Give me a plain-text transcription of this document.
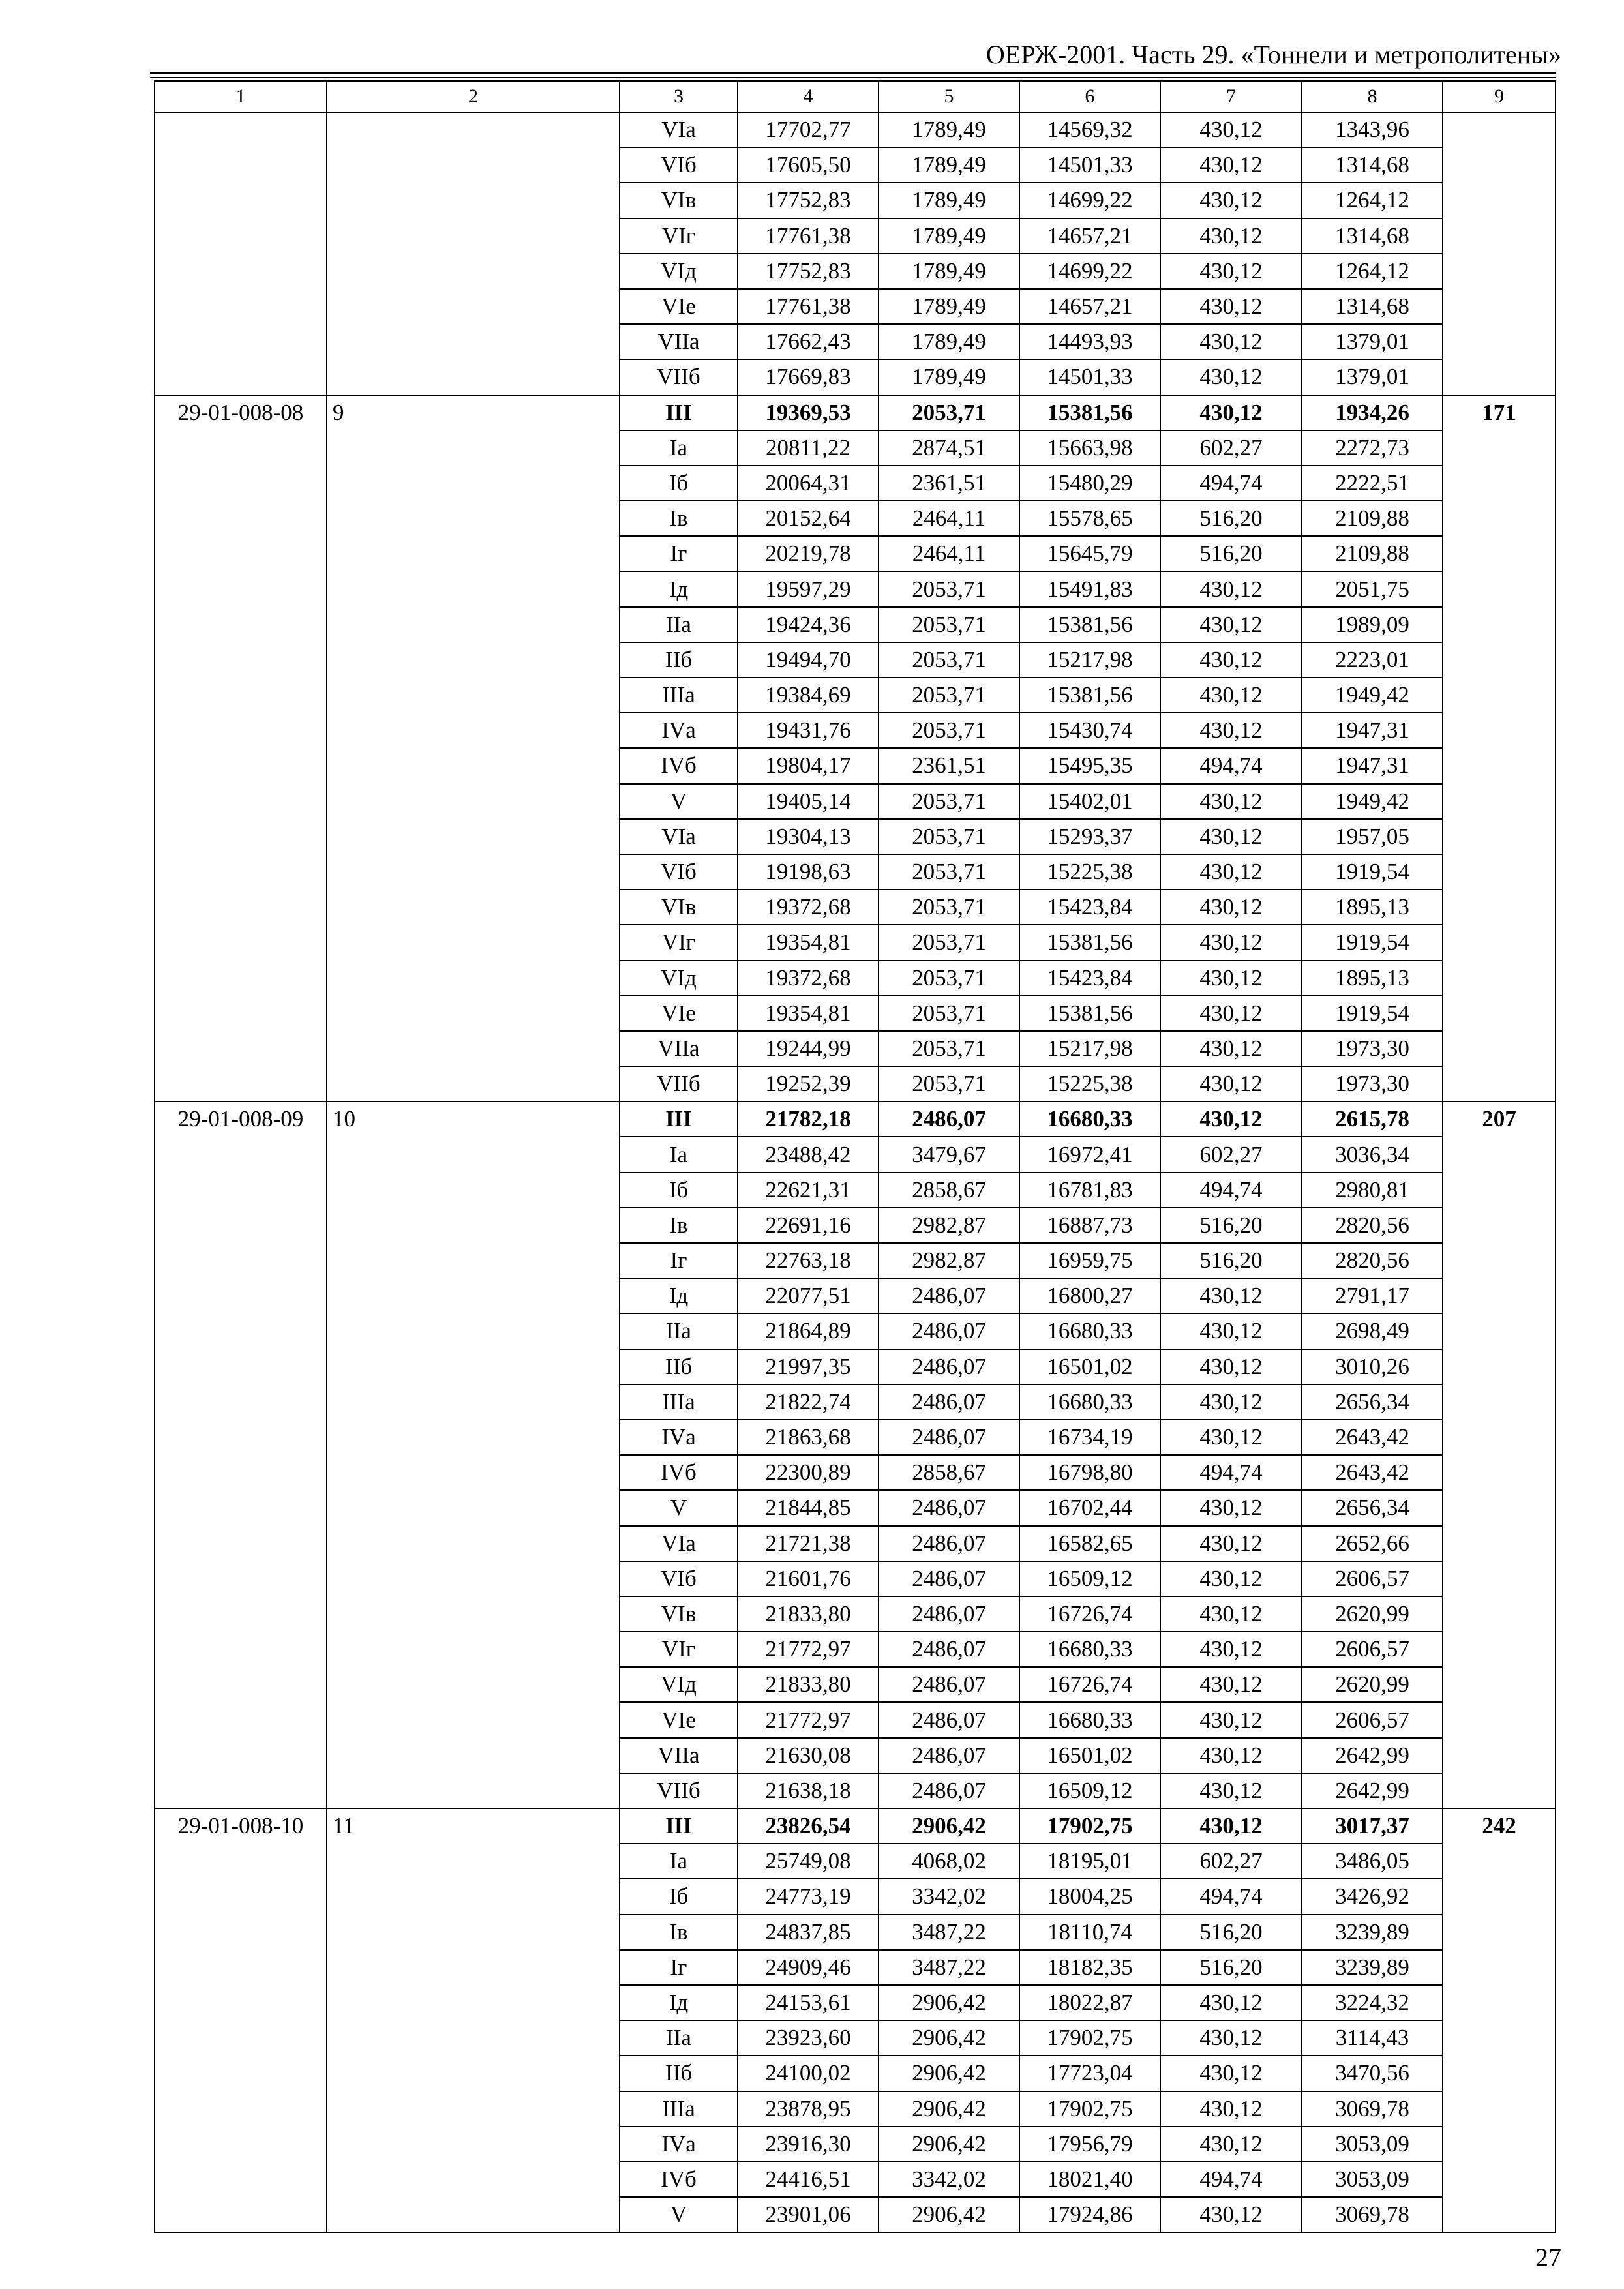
ОЕРЖ-2001. Часть 29. «Тоннели и метрополитены»
1	2	3	4	5	6	7	8	9
		VIа	17702,77	1789,49	14569,32	430,12	1343,96	
		VIб	17605,50	1789,49	14501,33	430,12	1314,68	
		VIв	17752,83	1789,49	14699,22	430,12	1264,12	
		VIг	17761,38	1789,49	14657,21	430,12	1314,68	
		VIд	17752,83	1789,49	14699,22	430,12	1264,12	
		VIе	17761,38	1789,49	14657,21	430,12	1314,68	
		VIIа	17662,43	1789,49	14493,93	430,12	1379,01	
		VIIб	17669,83	1789,49	14501,33	430,12	1379,01	
29-01-008-08	9	III	19369,53	2053,71	15381,56	430,12	1934,26	171
		Iа	20811,22	2874,51	15663,98	602,27	2272,73	
		Iб	20064,31	2361,51	15480,29	494,74	2222,51	
		Iв	20152,64	2464,11	15578,65	516,20	2109,88	
		Iг	20219,78	2464,11	15645,79	516,20	2109,88	
		Iд	19597,29	2053,71	15491,83	430,12	2051,75	
		IIа	19424,36	2053,71	15381,56	430,12	1989,09	
		IIб	19494,70	2053,71	15217,98	430,12	2223,01	
		IIIа	19384,69	2053,71	15381,56	430,12	1949,42	
		IVа	19431,76	2053,71	15430,74	430,12	1947,31	
		IVб	19804,17	2361,51	15495,35	494,74	1947,31	
		V	19405,14	2053,71	15402,01	430,12	1949,42	
		VIа	19304,13	2053,71	15293,37	430,12	1957,05	
		VIб	19198,63	2053,71	15225,38	430,12	1919,54	
		VIв	19372,68	2053,71	15423,84	430,12	1895,13	
		VIг	19354,81	2053,71	15381,56	430,12	1919,54	
		VIд	19372,68	2053,71	15423,84	430,12	1895,13	
		VIе	19354,81	2053,71	15381,56	430,12	1919,54	
		VIIа	19244,99	2053,71	15217,98	430,12	1973,30	
		VIIб	19252,39	2053,71	15225,38	430,12	1973,30	
29-01-008-09	10	III	21782,18	2486,07	16680,33	430,12	2615,78	207
		Iа	23488,42	3479,67	16972,41	602,27	3036,34	
		Iб	22621,31	2858,67	16781,83	494,74	2980,81	
		Iв	22691,16	2982,87	16887,73	516,20	2820,56	
		Iг	22763,18	2982,87	16959,75	516,20	2820,56	
		Iд	22077,51	2486,07	16800,27	430,12	2791,17	
		IIа	21864,89	2486,07	16680,33	430,12	2698,49	
		IIб	21997,35	2486,07	16501,02	430,12	3010,26	
		IIIа	21822,74	2486,07	16680,33	430,12	2656,34	
		IVа	21863,68	2486,07	16734,19	430,12	2643,42	
		IVб	22300,89	2858,67	16798,80	494,74	2643,42	
		V	21844,85	2486,07	16702,44	430,12	2656,34	
		VIа	21721,38	2486,07	16582,65	430,12	2652,66	
		VIб	21601,76	2486,07	16509,12	430,12	2606,57	
		VIв	21833,80	2486,07	16726,74	430,12	2620,99	
		VIг	21772,97	2486,07	16680,33	430,12	2606,57	
		VIд	21833,80	2486,07	16726,74	430,12	2620,99	
		VIе	21772,97	2486,07	16680,33	430,12	2606,57	
		VIIа	21630,08	2486,07	16501,02	430,12	2642,99	
		VIIб	21638,18	2486,07	16509,12	430,12	2642,99	
29-01-008-10	11	III	23826,54	2906,42	17902,75	430,12	3017,37	242
		Iа	25749,08	4068,02	18195,01	602,27	3486,05	
		Iб	24773,19	3342,02	18004,25	494,74	3426,92	
		Iв	24837,85	3487,22	18110,74	516,20	3239,89	
		Iг	24909,46	3487,22	18182,35	516,20	3239,89	
		Iд	24153,61	2906,42	18022,87	430,12	3224,32	
		IIа	23923,60	2906,42	17902,75	430,12	3114,43	
		IIб	24100,02	2906,42	17723,04	430,12	3470,56	
		IIIа	23878,95	2906,42	17902,75	430,12	3069,78	
		IVа	23916,30	2906,42	17956,79	430,12	3053,09	
		IVб	24416,51	3342,02	18021,40	494,74	3053,09	
		V	23901,06	2906,42	17924,86	430,12	3069,78	
27
